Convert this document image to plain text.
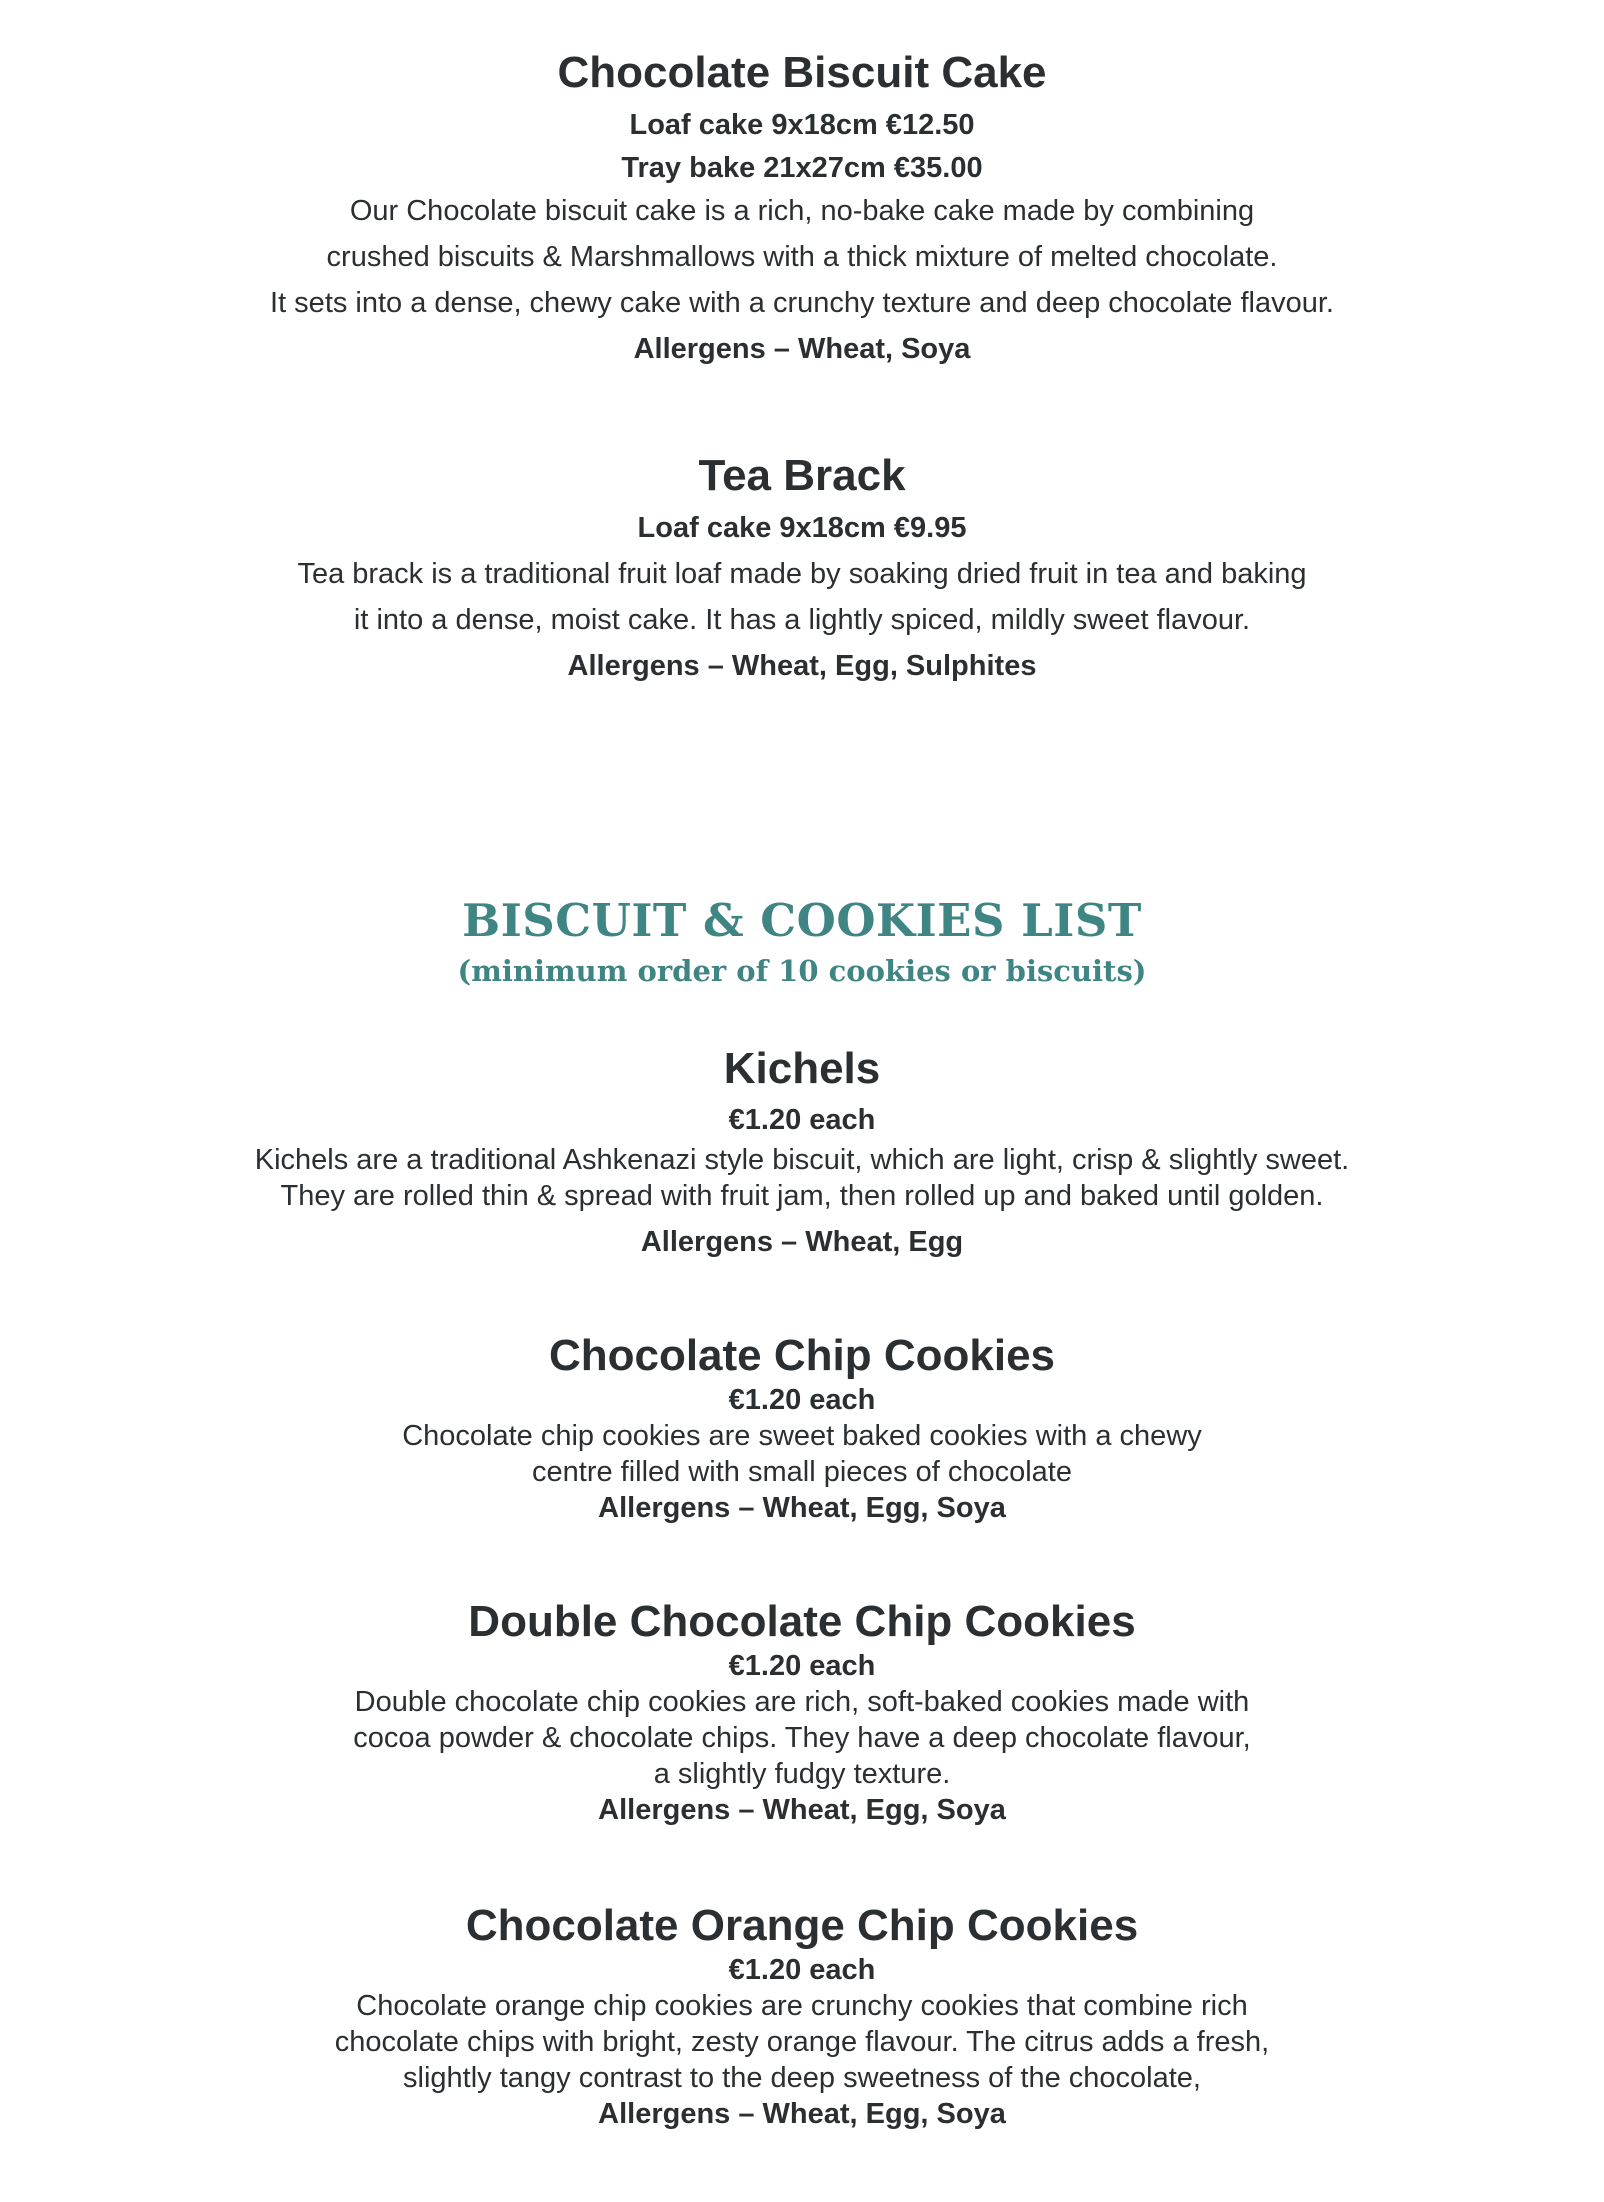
Chocolate Biscuit Cake

Loaf cake 9x18cm €12.50

Tray bake 21x27cm €35.00

Our Chocolate biscuit cake is a rich, no-bake cake made by combining

crushed biscuits & Marshmallows with a thick mixture of melted chocolate.

It sets into a dense, chewy cake with a crunchy texture and deep chocolate flavour.

Allergens – Wheat, Soya

Tea Brack

Loaf cake 9x18cm €9.95

Tea brack is a traditional fruit loaf made by soaking dried fruit in tea and baking

it into a dense, moist cake. It has a lightly spiced, mildly sweet flavour.

Allergens – Wheat, Egg, Sulphites

BISCUIT & COOKIES LIST

(minimum order of 10 cookies or biscuits)

Kichels

€1.20 each

Kichels are a traditional Ashkenazi style biscuit, which are light, crisp & slightly sweet.

They are rolled thin & spread with fruit jam, then rolled up and baked until golden.

Allergens – Wheat, Egg

Chocolate Chip Cookies

€1.20 each

Chocolate chip cookies are sweet baked cookies with a chewy

centre filled with small pieces of chocolate

Allergens – Wheat, Egg, Soya

Double Chocolate Chip Cookies

€1.20 each

Double chocolate chip cookies are rich, soft-baked cookies made with

cocoa powder & chocolate chips. They have a deep chocolate flavour,

a slightly fudgy texture.

Allergens – Wheat, Egg, Soya

Chocolate Orange Chip Cookies

€1.20 each

Chocolate orange chip cookies are crunchy cookies that combine rich

chocolate chips with bright, zesty orange flavour. The citrus adds a fresh,

slightly tangy contrast to the deep sweetness of the chocolate,

Allergens – Wheat, Egg, Soya
